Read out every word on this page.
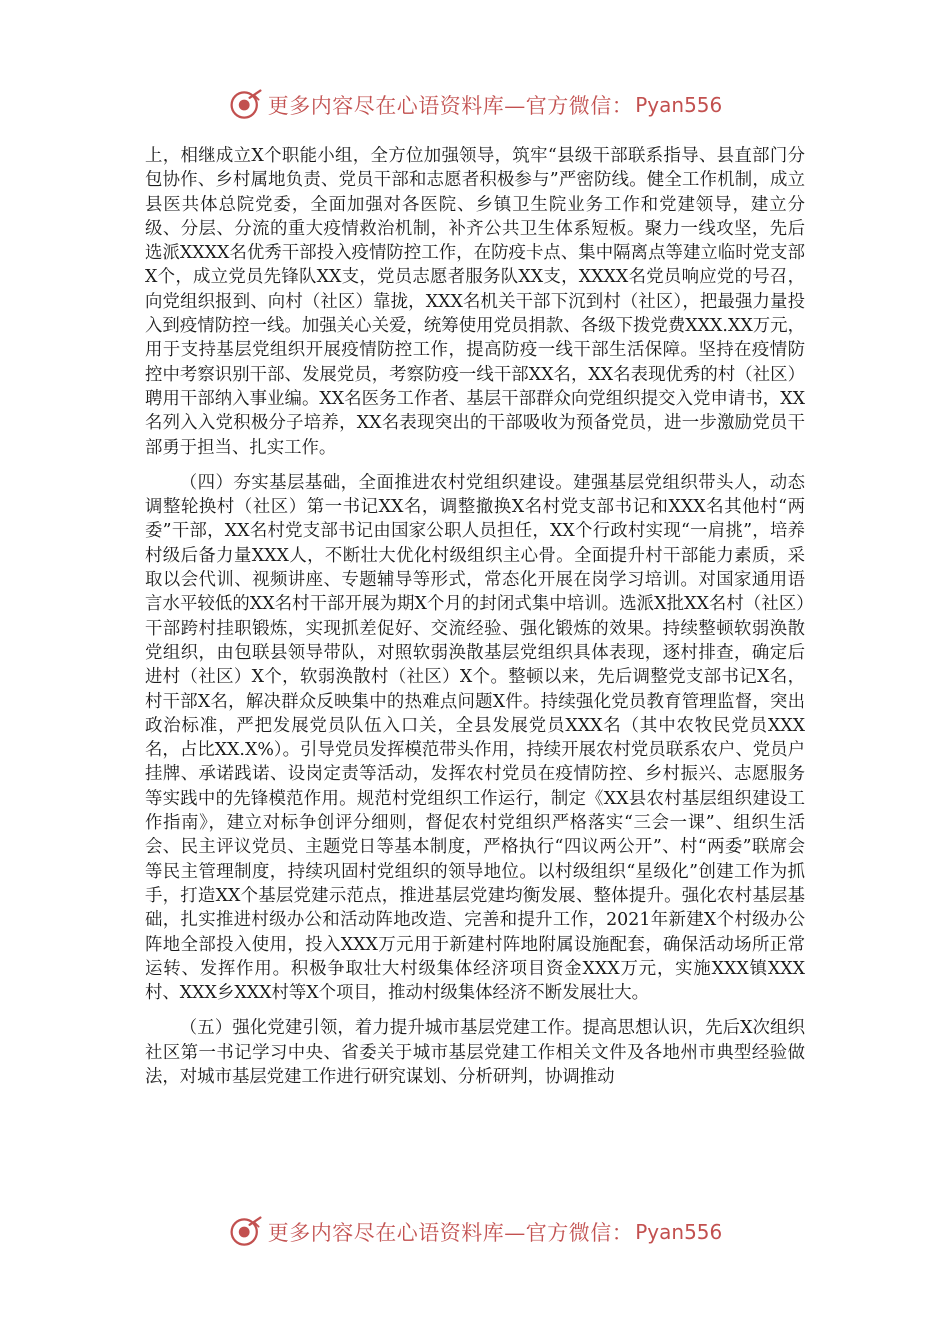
更多内容尽在心语资料库—官方微信： Pyan556

上，相继成立X个职能小组，全方位加强领导，筑牢“县级干部联系指导、县直部门分包协作、乡村属地负责、党员干部和志愿者积极参与”严密防线。健全工作机制，成立县医共体总院党委，全面加强对各医院、乡镇卫生院业务工作和党建领导，建立分级、分层、分流的重大疫情救治机制，补齐公共卫生体系短板。聚力一线攻坚，先后选派XXXX名优秀干部投入疫情防控工作，在防疫卡点、集中隔离点等建立临时党支部X个，成立党员先锋队XX支，党员志愿者服务队XX支，XXXX名党员响应党的号召，向党组织报到、向村（社区）靠拢，XXX名机关干部下沉到村（社区），把最强力量投入到疫情防控一线。加强关心关爱，统筹使用党员捐款、各级下拨党费XXX.XX万元，用于支持基层党组织开展疫情防控工作，提高防疫一线干部生活保障。坚持在疫情防控中考察识别干部、发展党员，考察防疫一线干部XX名，XX名表现优秀的村（社区）聘用干部纳入事业编。XX名医务工作者、基层干部群众向党组织提交入党申请书，XX名列入入党积极分子培养，XX名表现突出的干部吸收为预备党员，进一步激励党员干部勇于担当、扎实工作。

（四）夯实基层基础，全面推进农村党组织建设。建强基层党组织带头人，动态调整轮换村（社区）第一书记XX名，调整撤换X名村党支部书记和XXX名其他村“两委”干部，XX名村党支部书记由国家公职人员担任，XX个行政村实现“一肩挑”，培养村级后备力量XXX人，不断壮大优化村级组织主心骨。全面提升村干部能力素质，采取以会代训、视频讲座、专题辅导等形式，常态化开展在岗学习培训。对国家通用语言水平较低的XX名村干部开展为期X个月的封闭式集中培训。选派X批XX名村（社区）干部跨村挂职锻炼，实现抓差促好、交流经验、强化锻炼的效果。持续整顿软弱涣散党组织，由包联县领导带队，对照软弱涣散基层党组织具体表现，逐村排查，确定后进村（社区）X个，软弱涣散村（社区）X个。整顿以来，先后调整党支部书记X名，村干部X名，解决群众反映集中的热难点问题X件。持续强化党员教育管理监督，突出政治标准，严把发展党员队伍入口关，全县发展党员XXX名（其中农牧民党员XXX名，占比XX.X%）。引导党员发挥模范带头作用，持续开展农村党员联系农户、党员户挂牌、承诺践诺、设岗定责等活动，发挥农村党员在疫情防控、乡村振兴、志愿服务等实践中的先锋模范作用。规范村党组织工作运行，制定《XX县农村基层组织建设工作指南》，建立对标争创评分细则，督促农村党组织严格落实“三会一课”、组织生活会、民主评议党员、主题党日等基本制度，严格执行“四议两公开”、村“两委”联席会等民主管理制度，持续巩固村党组织的领导地位。以村级组织“星级化”创建工作为抓手，打造XX个基层党建示范点，推进基层党建均衡发展、整体提升。强化农村基层基础，扎实推进村级办公和活动阵地改造、完善和提升工作，2021年新建X个村级办公阵地全部投入使用，投入XXX万元用于新建村阵地附属设施配套，确保活动场所正常运转、发挥作用。积极争取壮大村级集体经济项目资金XXX万元，实施XXX镇XXX村、XXX乡XXX村等X个项目，推动村级集体经济不断发展壮大。

（五）强化党建引领，着力提升城市基层党建工作。提高思想认识，先后X次组织社区第一书记学习中央、省委关于城市基层党建工作相关文件及各地州市典型经验做法，对城市基层党建工作进行研究谋划、分析研判，协调推动

更多内容尽在心语资料库—官方微信： Pyan556
